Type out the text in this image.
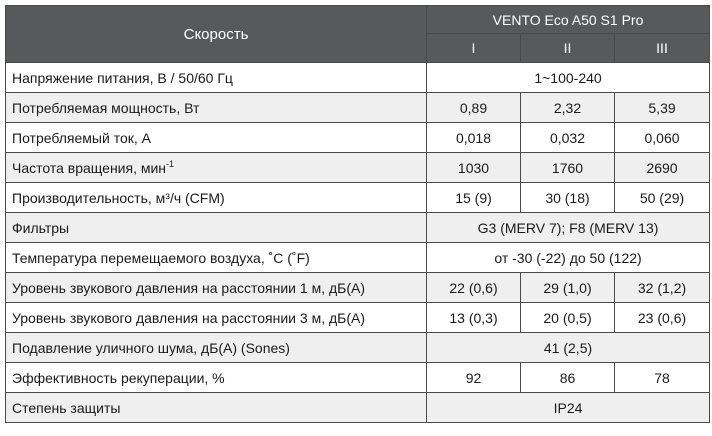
Скорость	VENTO Eco A50 S1 Pro		
	I	II	III
Напряжение питания, В / 50/60 Гц	1~100-240		
Потребляемая мощность, Вт	0,89	2,32	5,39
Потребляемый ток, А	0,018	0,032	0,060
Частота вращения, мин$^{-1}$	1030	1760	2690
Производительность, м³/ч (CFM)	15 (9)	30 (18)	50 (29)
Фильтры	G3 (MERV 7); F8 (MERV 13)		
Температура перемещаемого воздуха, ˚С (˚F)	от -30 (-22) до 50 (122)		
Уровень звукового давления на расстоянии 1 м, дБ(А)	22 (0,6)	29 (1,0)	32 (1,2)
Уровень звукового давления на расстоянии 3 м, дБ(А)	13 (0,3)	20 (0,5)	23 (0,6)
Подавление уличного шума, дБ(А) (Sones)	41 (2,5)		
Эффективность рекуперации, %	92	86	78
Степень защиты	IP24		
